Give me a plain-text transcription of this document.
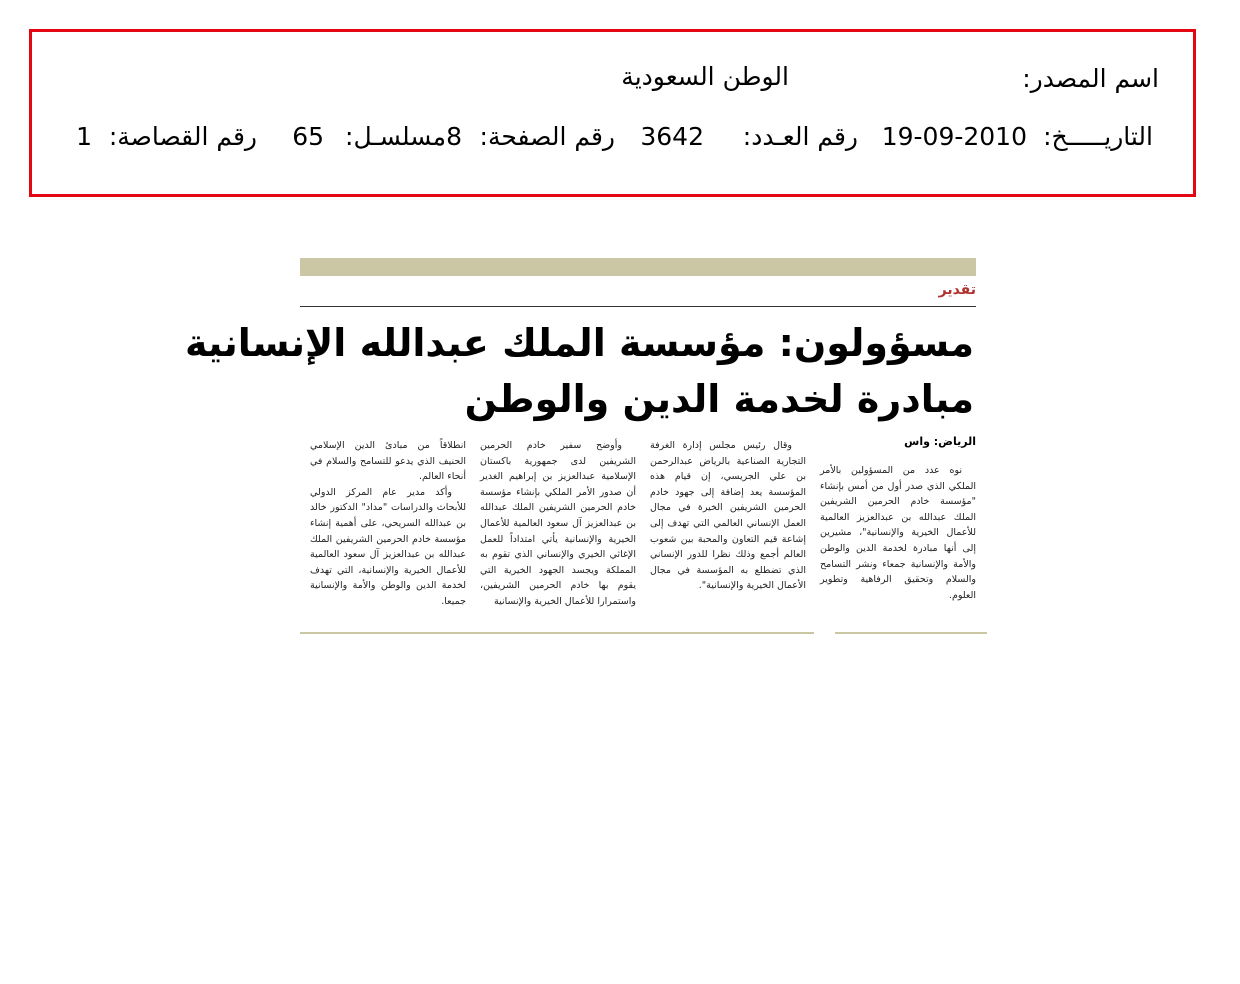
اسم المصدر:
الوطن السعودية
التاريـــــخ:
19-09-2010
رقم العـدد:
3642
رقم الصفحة:
8
مسلسـل:
65
رقم القصاصة:
1
تقدير
مسؤولون: مؤسسة الملك عبدالله الإنسانية
مبادرة لخدمة الدين والوطن
الرياض: واس

نوه عدد من المسؤولين بالأمر الملكي الذي صدر أول من أمس بإنشاء "مؤسسة خادم الحرمين الشريفين الملك عبدالله بن عبدالعزيز العالمية للأعمال الخيرية والإنسانية"، مشيرين إلى أنها مبادرة لخدمة الدين والوطن والأمة والإنسانية جمعاء ونشر التسامح والسلام وتحقيق الرفاهية وتطوير العلوم.

وقال رئيس مجلس إدارة الغرفة التجارية الصناعية بالرياض عبدالرحمن بن علي الجريسي، إن قيام هذه المؤسسة يعد إضافة إلى جهود خادم الحرمين الشريفين الخيرة في مجال العمل الإنساني العالمي التي تهدف إلى إشاعة قيم التعاون والمحبة بين شعوب العالم أجمع وذلك نظرا للدور الإنساني الذي تضطلع به المؤسسة في مجال الأعمال الخيرية والإنسانية".

وأوضح سفير خادم الحرمين الشريفين لدى جمهورية باكستان الإسلامية عبدالعزيز بن إبراهيم الغدير أن صدور الأمر الملكي بإنشاء مؤسسة خادم الحرمين الشريفين الملك عبدالله بن عبدالعزيز آل سعود العالمية للأعمال الخيرية والإنسانية يأتي امتداداً للعمل الإغاثي الخيري والإنساني الذي تقوم به المملكة ويجسد الجهود الخيرية التي يقوم بها خادم الحرمين الشريفين، واستمرارا للأعمال الخيرية والإنسانية

انطلاقاً من مبادئ الدين الإسلامي الحنيف الذي يدعو للتسامح والسلام في أنحاء العالم.

وأكد مدير عام المركز الدولي للأبحاث والدراسات "مداد" الدكتور خالد بن عبدالله السريحي، على أهمية إنشاء مؤسسة خادم الحرمين الشريفين الملك عبدالله بن عبدالعزيز آل سعود العالمية للأعمال الخيرية والإنسانية، التي تهدف لخدمة الدين والوطن والأمة والإنسانية جميعا.
